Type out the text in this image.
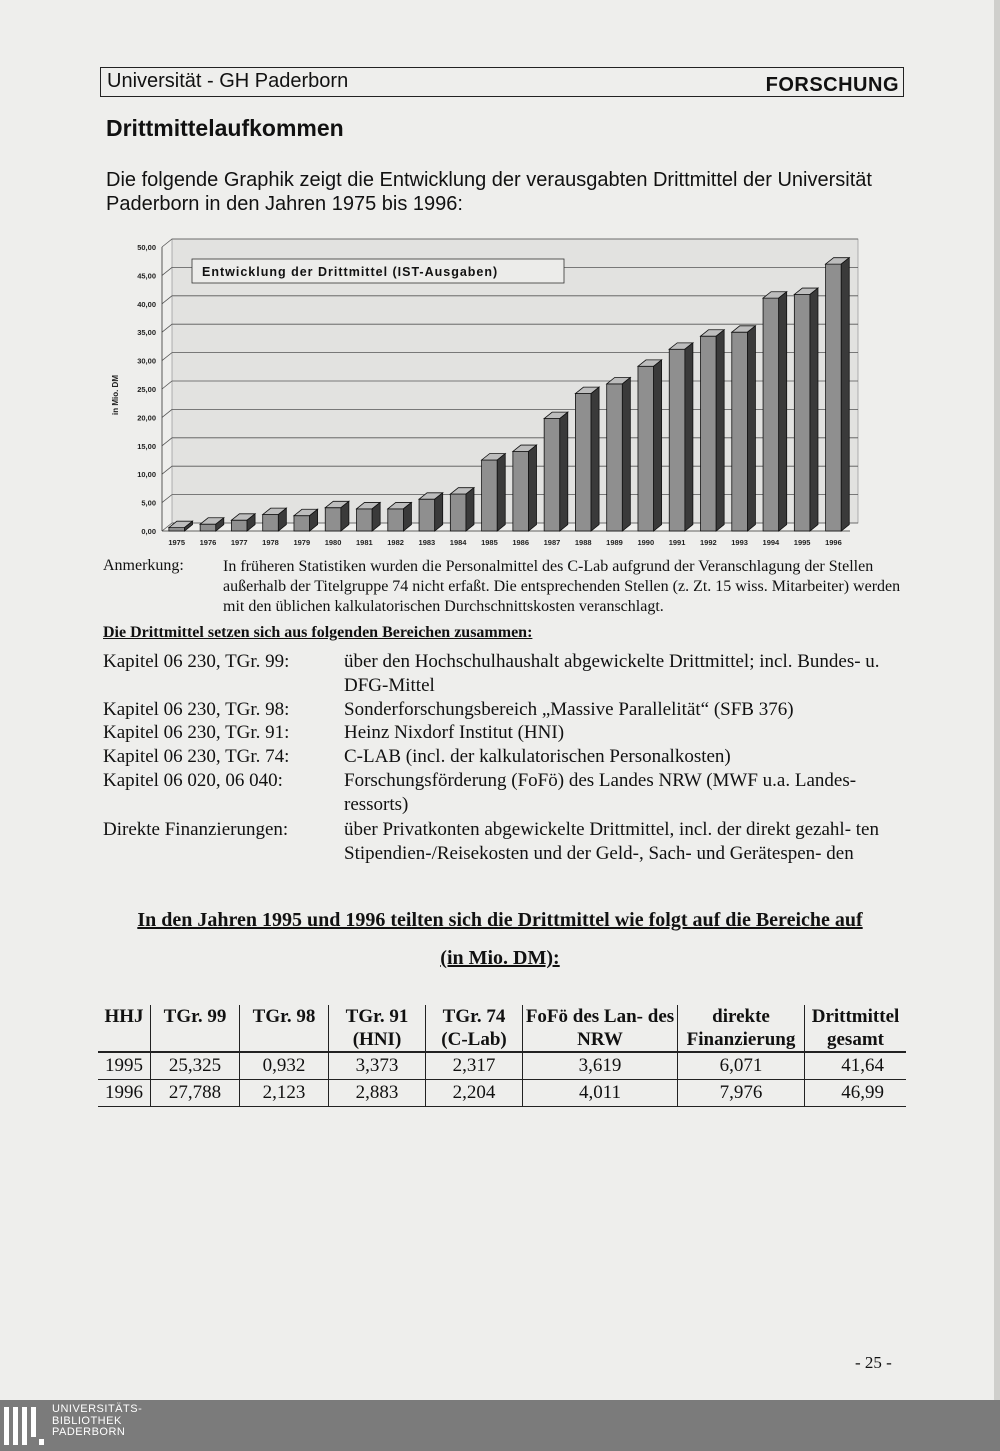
Universität - GH Paderborn	FORSCHUNG
Drittmittelaufkommen
Die folgende Graphik zeigt die Entwicklung der verausgabten Drittmittel der Universität Paderborn in den Jahren 1975 bis 1996:
0,00
5,00
10,00
15,00
20,00
25,00
30,00
35,00
40,00
45,00
50,00
in Mio. DM
1975 1976 1977 1978 1979 1980 1981 1982 1983 1984 1985 1986 1987 1988 1989 1990 1991 1992 1993 1994 1995 1996
Entwicklung der Drittmittel (IST-Ausgaben)
Anmerkung: In früheren Statistiken wurden die Personalmittel des C-Lab aufgrund der Veranschlagung der Stellen außerhalb der Titelgruppe 74 nicht erfaßt. Die entsprechenden Stellen (z. Zt. 15 wiss. Mitarbeiter) werden mit den üblichen kalkulatorischen Durchschnittskosten veranschlagt.
Die Drittmittel setzen sich aus folgenden Bereichen zusammen:
Kapitel 06 230, TGr. 99:	über den Hochschulhaushalt abgewickelte Drittmittel; incl. Bundes- u. DFG-Mittel
Kapitel 06 230, TGr. 98:	Sonderforschungsbereich „Massive Parallelität“ (SFB 376)
Kapitel 06 230, TGr. 91:	Heinz Nixdorf Institut (HNI)
Kapitel 06 230, TGr. 74:	C-LAB (incl. der kalkulatorischen Personalkosten)
Kapitel 06 020, 06 040:	Forschungsförderung (FoFö) des Landes NRW (MWF u.a. Landes- ressorts)
Direkte Finanzierungen:	über Privatkonten abgewickelte Drittmittel, incl. der direkt gezahl- ten Stipendien-/Reisekosten und der Geld-, Sach- und Gerätespen- den
In den Jahren 1995 und 1996 teilten sich die Drittmittel wie folgt auf die Bereiche auf
(in Mio. DM):
HHJ	TGr. 99	TGr. 98	TGr. 91 (HNI)	TGr. 74 (C-Lab)	FoFö des Lan- des NRW	direkte Finanzierung	Drittmittel gesamt
1995	25,325	0,932	3,373	2,317	3,619	6,071	41,64
1996	27,788	2,123	2,883	2,204	4,011	7,976	46,99
- 25 -
UNIVERSITÄTS-
BIBLIOTHEK
PADERBORN
